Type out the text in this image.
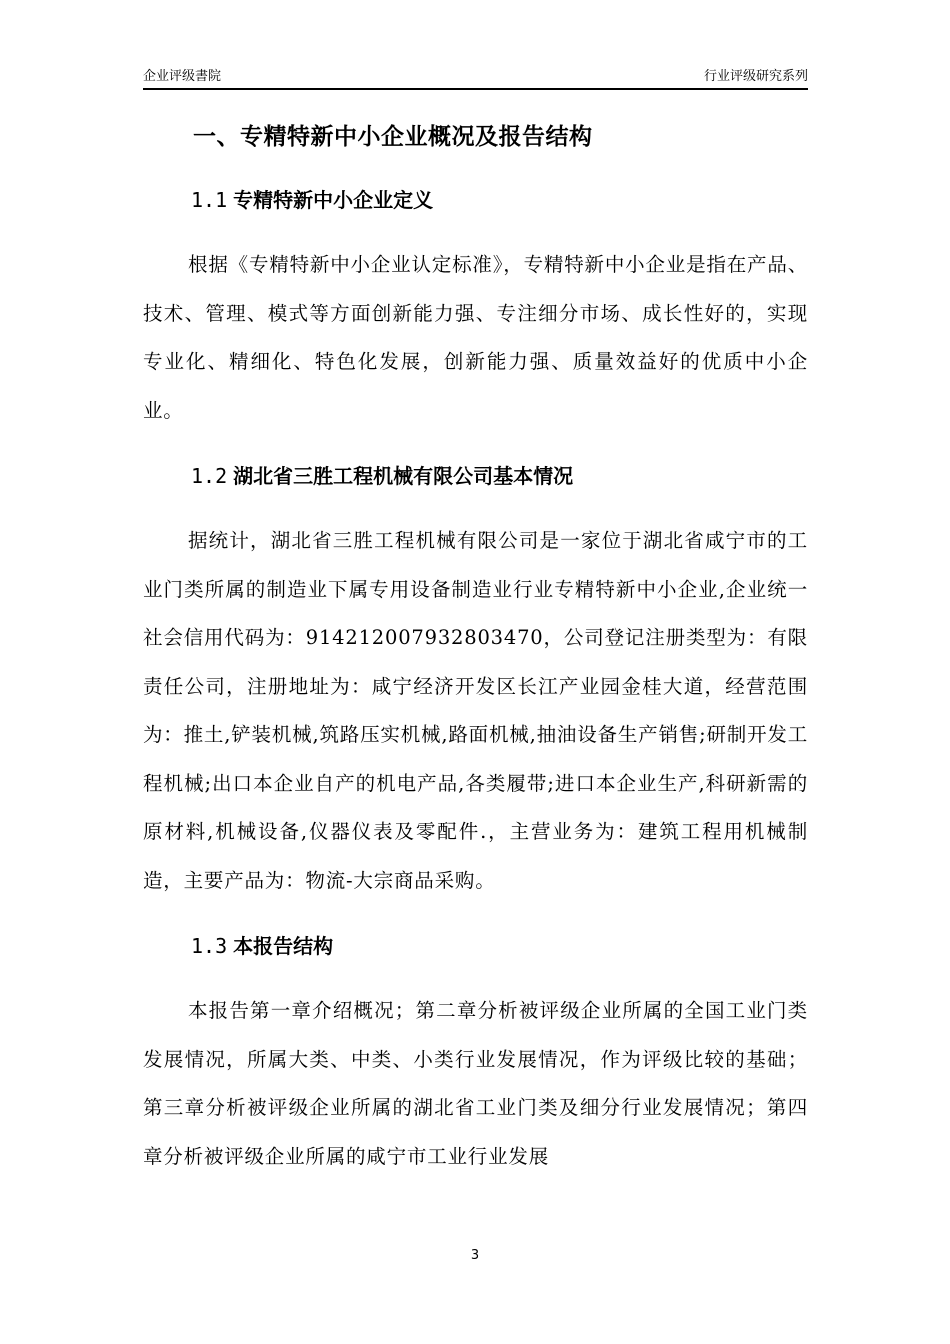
企业评级書院	行业评级研究系列
一、专精特新中小企业概况及报告结构
1.1 专精特新中小企业定义

根据《专精特新中小企业认定标准》，专精特新中小企业是指在产品、技术、管理、模式等方面创新能力强、专注细分市场、成长性好的，实现专业化、精细化、特色化发展，创新能力强、质量效益好的优质中小企业。

1.2 湖北省三胜工程机械有限公司基本情况

据统计，湖北省三胜工程机械有限公司是一家位于湖北省咸宁市的工业门类所属的制造业下属专用设备制造业行业专精特新中小企业,企业统一社会信用代码为：914212007932803470，公司登记注册类型为：有限责任公司，注册地址为：咸宁经济开发区长江产业园金桂大道，经营范围为：推土,铲装机械,筑路压实机械,路面机械,抽油设备生产销售;研制开发工程机械;出口本企业自产的机电产品,各类履带;进口本企业生产,科研新需的原材料,机械设备,仪器仪表及零配件.，主营业务为：建筑工程用机械制造，主要产品为：物流-大宗商品采购。

1.3 本报告结构

本报告第一章介绍概况；第二章分析被评级企业所属的全国工业门类发展情况，所属大类、中类、小类行业发展情况，作为评级比较的基础；第三章分析被评级企业所属的湖北省工业门类及细分行业发展情况；第四章分析被评级企业所属的咸宁市工业行业发展

3
